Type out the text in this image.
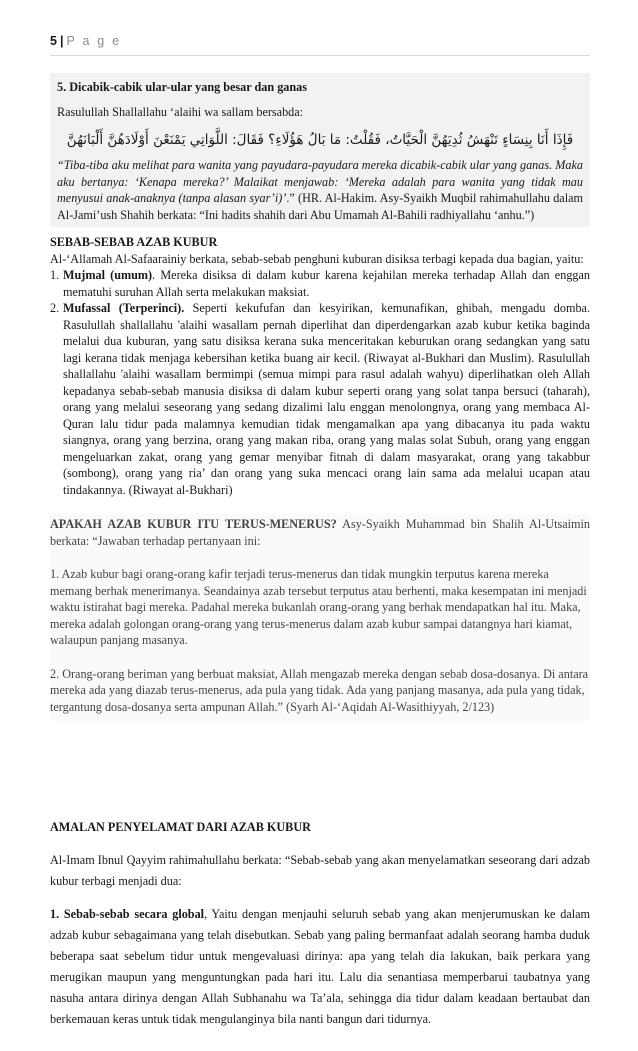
5 | P a g e
5. Dicabik-cabik ular-ular yang besar dan ganas
Rasulullah Shallallahu ‘alaihi wa sallam bersabda:
فَإِذَا أَنَا بِنِسَاءٍ تَنْهَشُ ثُدِيَهُنَّ الْحَيَّاتُ، فَقُلْتُ: مَا بَالُ هَؤُلَاءِ؟ فَقَالَ: اللَّوَاتِي يَمْنَعْنَ أَوْلَادَهُنَّ أَلْبَانَهُنَّ
“Tiba-tiba aku melihat para wanita yang payudara-payudara mereka dicabik-cabik ular yang ganas. Maka aku bertanya: ‘Kenapa mereka?’ Malaikat menjawab: ‘Mereka adalah para wanita yang tidak mau menyusui anak-anaknya (tanpa alasan syar’i)’.” (HR. Al-Hakim. Asy-Syaikh Muqbil rahimahullahu dalam Al-Jami’ush Shahih berkata: “Ini hadits shahih dari Abu Umamah Al-Bahili radhiyallahu ‘anhu.”)
SEBAB-SEBAB AZAB KUBUR
Al-‘Allamah Al-Safaarainiy berkata, sebab-sebab penghuni kuburan disiksa terbagi kepada dua bagian, yaitu:
1. Mujmal (umum). Mereka disiksa di dalam kubur karena kejahilan mereka terhadap Allah dan enggan mematuhi suruhan Allah serta melakukan maksiat.
2. Mufassal (Terperinci). Seperti kekufufan dan kesyirikan, kemunafikan, ghibah, mengadu domba. Rasulullah shallallahu 'alaihi wasallam pernah diperlihat dan diperdengarkan azab kubur ketika baginda melalui dua kuburan, yang satu disiksa kerana suka menceritakan keburukan orang sedangkan yang satu lagi kerana tidak menjaga kebersihan ketika buang air kecil. (Riwayat al-Bukhari dan Muslim). Rasulullah shallallahu 'alaihi wasallam bermimpi (semua mimpi para rasul adalah wahyu) diperlihatkan oleh Allah kepadanya sebab-sebab manusia disiksa di dalam kubur seperti orang yang solat tanpa bersuci (taharah), orang yang melalui seseorang yang sedang dizalimi lalu enggan menolongnya, orang yang membaca Al-Quran lalu tidur pada malamnya kemudian tidak mengamalkan apa yang dibacanya itu pada waktu siangnya, orang yang berzina, orang yang makan riba, orang yang malas solat Subuh, orang yang enggan mengeluarkan zakat, orang yang gemar menyibar fitnah di dalam masyarakat, orang yang takabbur (sombong), orang yang ria’ dan orang yang suka mencaci orang lain sama ada melalui ucapan atau tindakannya. (Riwayat al-Bukhari)
APAKAH AZAB KUBUR ITU TERUS-MENERUS? Asy-Syaikh Muhammad bin Shalih Al-Utsaimin berkata: “Jawaban terhadap pertanyaan ini:
1. Azab kubur bagi orang-orang kafir terjadi terus-menerus dan tidak mungkin terputus karena mereka memang berhak menerimanya. Seandainya azab tersebut terputus atau berhenti, maka kesempatan ini menjadi waktu istirahat bagi mereka. Padahal mereka bukanlah orang-orang yang berhak mendapatkan hal itu. Maka, mereka adalah golongan orang-orang yang terus-menerus dalam azab kubur sampai datangnya hari kiamat, walaupun panjang masanya.
2. Orang-orang beriman yang berbuat maksiat, Allah mengazab mereka dengan sebab dosa-dosanya. Di antara mereka ada yang diazab terus-menerus, ada pula yang tidak. Ada yang panjang masanya, ada pula yang tidak, tergantung dosa-dosanya serta ampunan Allah.” (Syarh Al-‘Aqidah Al-Wasithiyyah, 2/123)

AMALAN PENYELAMAT DARI AZAB KUBUR

Al-Imam Ibnul Qayyim rahimahullahu berkata: “Sebab-sebab yang akan menyelamatkan seseorang dari adzab kubur terbagi menjadi dua:

1. Sebab-sebab secara global, Yaitu dengan menjauhi seluruh sebab yang akan menjerumuskan ke dalam adzab kubur sebagaimana yang telah disebutkan. Sebab yang paling bermanfaat adalah seorang hamba duduk beberapa saat sebelum tidur untuk mengevaluasi dirinya: apa yang telah dia lakukan, baik perkara yang merugikan maupun yang menguntungkan pada hari itu. Lalu dia senantiasa memperbarui taubatnya yang nasuha antara dirinya dengan Allah Subhanahu wa Ta’ala, sehingga dia tidur dalam keadaan bertaubat dan berkemauan keras untuk tidak mengulanginya bila nanti bangun dari tidurnya.
